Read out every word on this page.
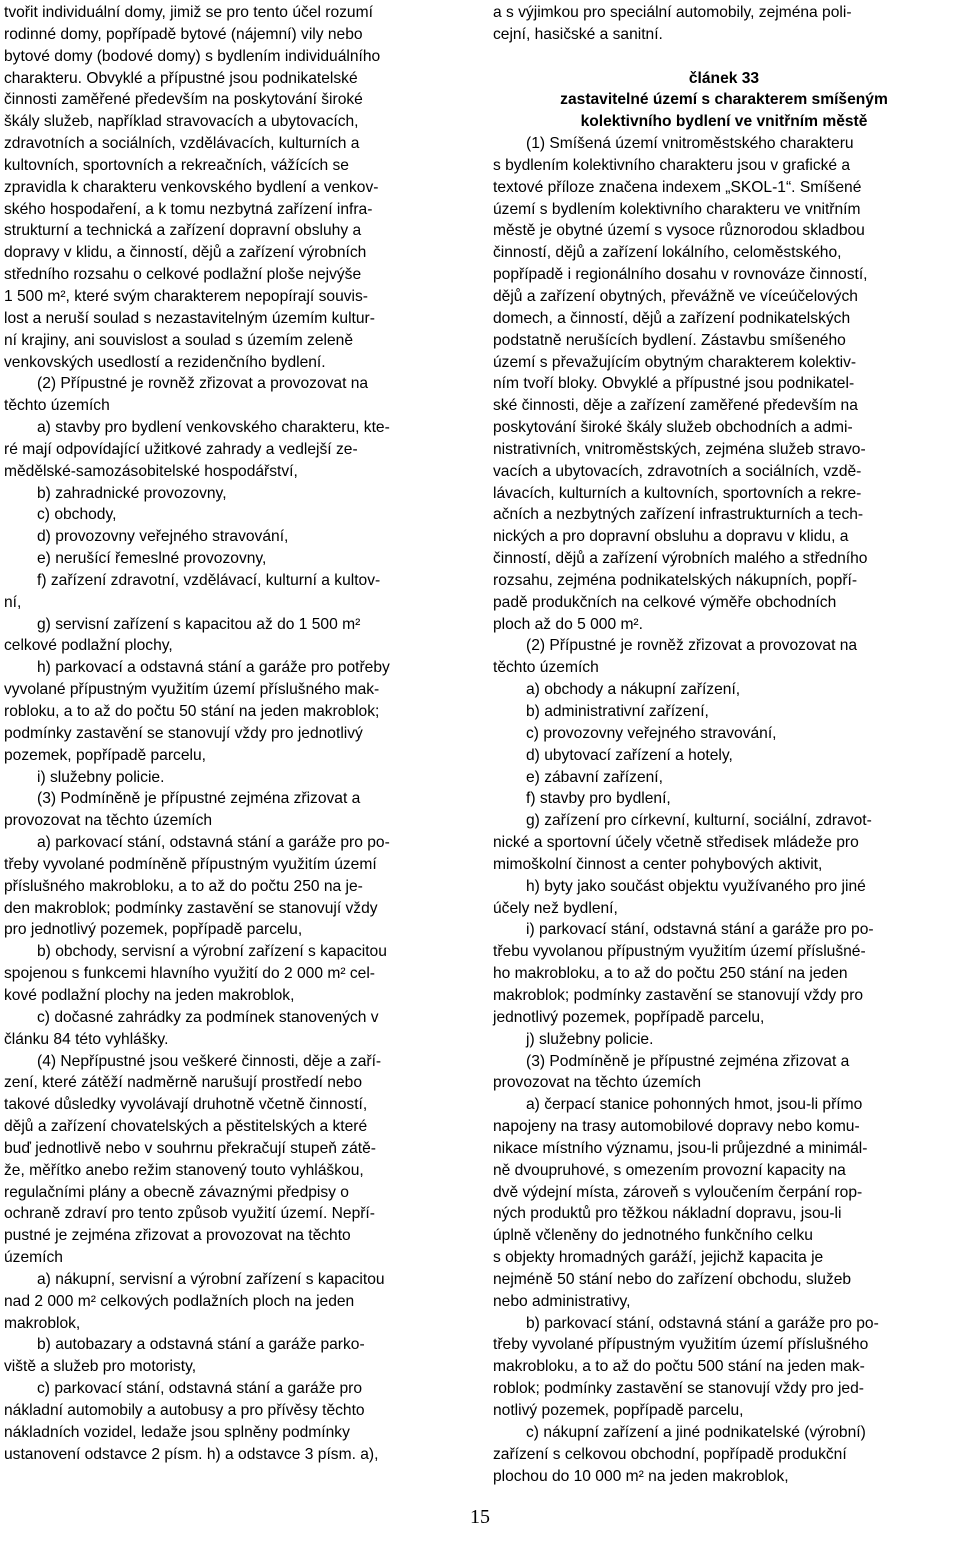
tvořit individuální domy, jimiž se pro tento účel rozumí
rodinné domy, popřípadě bytové (nájemní) vily nebo
bytové domy (bodové domy) s bydlením individuálního
charakteru. Obvyklé a přípustné jsou podnikatelské
činnosti zaměřené především na poskytování široké
škály služeb, například stravovacích a ubytovacích,
zdravotních a sociálních, vzdělávacích, kulturních a
kultovních, sportovních a rekreačních, vážících se
zpravidla k charakteru venkovského bydlení a venkov-
ského hospodaření, a k tomu nezbytná zařízení infra-
strukturní a technická a zařízení dopravní obsluhy a
dopravy v klidu, a činností, dějů a zařízení výrobních
středního rozsahu o celkové podlažní ploše nejvýše
1 500 m², které svým charakterem nepopírají souvis-
lost a neruší soulad s nezastavitelným územím kultur-
ní krajiny, ani souvislost a soulad s územím zeleně
venkovských usedlostí a rezidenčního bydlení.
(2) Přípustné je rovněž zřizovat a provozovat na
těchto územích
a) stavby pro bydlení venkovského charakteru, kte-
ré mají odpovídající užitkové zahrady a vedlejší ze-
mědělské-samozásobitelské hospodářství,
b) zahradnické provozovny,
c) obchody,
d) provozovny veřejného stravování,
e) nerušící řemeslné provozovny,
f) zařízení zdravotní, vzdělávací, kulturní a kultov-
ní,
g) servisní zařízení s kapacitou až do 1 500 m²
celkové podlažní plochy,
h) parkovací a odstavná stání a garáže pro potřeby
vyvolané přípustným využitím území příslušného mak-
robloku, a to až do počtu 50 stání na jeden makroblok;
podmínky zastavění se stanovují vždy pro jednotlivý
pozemek, popřípadě parcelu,
i) služebny policie.
(3) Podmíněně je přípustné zejména zřizovat a
provozovat na těchto územích
a) parkovací stání, odstavná stání a garáže pro po-
třeby vyvolané podmíněně přípustným využitím území
příslušného makrobloku, a to až do počtu 250 na je-
den makroblok; podmínky zastavění se stanovují vždy
pro jednotlivý pozemek, popřípadě parcelu,
b) obchody, servisní a výrobní zařízení s kapacitou
spojenou s funkcemi hlavního využití do 2 000 m² cel-
kové podlažní plochy na jeden makroblok,
c) dočasné zahrádky za podmínek stanovených v
článku 84 této vyhlášky.
(4) Nepřípustné jsou veškeré činnosti, děje a zaří-
zení, které zátěží nadměrně narušují prostředí nebo
takové důsledky vyvolávají druhotně včetně činností,
dějů a zařízení chovatelských a pěstitelských a které
buď jednotlivě nebo v souhrnu překračují stupeň zátě-
že, měřítko anebo režim stanovený touto vyhláškou,
regulačními plány a obecně závaznými předpisy o
ochraně zdraví pro tento způsob využití území. Nepří-
pustné je zejména zřizovat a provozovat na těchto
územích
a) nákupní, servisní a výrobní zařízení s kapacitou
nad 2 000 m² celkových podlažních ploch na jeden
makroblok,
b) autobazary a odstavná stání a garáže parko-
viště a služeb pro motoristy,
c) parkovací stání, odstavná stání a garáže pro
nákladní automobily a autobusy a pro přívěsy těchto
nákladních vozidel, ledaže jsou splněny podmínky
ustanovení odstavce 2 písm. h) a odstavce 3 písm. a),
a s výjimkou pro speciální automobily, zejména poli-
cejní, hasičské a sanitní.
článek 33
zastavitelné území s charakterem smíšeným
kolektivního bydlení ve vnitřním městě
(1) Smíšená území vnitroměstského charakteru
s bydlením kolektivního charakteru jsou v grafické a
textové příloze značena indexem „SKOL-1“. Smíšené
území s bydlením kolektivního charakteru ve vnitřním
městě je obytné území s vysoce různorodou skladbou
činností, dějů a zařízení lokálního, celoměstského,
popřípadě i regionálního dosahu v rovnováze činností,
dějů a zařízení obytných, převážně ve víceúčelových
domech, a činností, dějů a zařízení podnikatelských
podstatně nerušících bydlení. Zástavbu smíšeného
území s převažujícím obytným charakterem kolektiv-
ním tvoří bloky. Obvyklé a přípustné jsou podnikatel-
ské činnosti, děje a zařízení zaměřené především na
poskytování široké škály služeb obchodních a admi-
nistrativních, vnitroměstských, zejména služeb stravo-
vacích a ubytovacích, zdravotních a sociálních, vzdě-
lávacích, kulturních a kultovních, sportovních a rekre-
ačních a nezbytných zařízení infrastrukturních a tech-
nických a pro dopravní obsluhu a dopravu v klidu, a
činností, dějů a zařízení výrobních malého a středního
rozsahu, zejména podnikatelských nákupních, popří-
padě produkčních na celkové výměře obchodních
ploch až do 5 000 m².
(2) Přípustné je rovněž zřizovat a provozovat na
těchto územích
a) obchody a nákupní zařízení,
b) administrativní zařízení,
c) provozovny veřejného stravování,
d) ubytovací zařízení a hotely,
e) zábavní zařízení,
f) stavby pro bydlení,
g) zařízení pro církevní, kulturní, sociální, zdravot-
nické a sportovní účely včetně středisek mládeže pro
mimoškolní činnost a center pohybových aktivit,
h) byty jako součást objektu využívaného pro jiné
účely než bydlení,
i) parkovací stání, odstavná stání a garáže pro po-
třebu vyvolanou přípustným využitím území příslušné-
ho makrobloku, a to až do počtu 250 stání na jeden
makroblok; podmínky zastavění se stanovují vždy pro
jednotlivý pozemek, popřípadě parcelu,
j) služebny policie.
(3) Podmíněně je přípustné zejména zřizovat a
provozovat na těchto územích
a) čerpací stanice pohonných hmot, jsou-li přímo
napojeny na trasy automobilové dopravy nebo komu-
nikace místního významu, jsou-li průjezdné a minimál-
ně dvoupruhové, s omezením provozní kapacity na
dvě výdejní místa, zároveň s vyloučením čerpání rop-
ných produktů pro těžkou nákladní dopravu, jsou-li
úplně včleněny do jednotného funkčního celku
s objekty hromadných garáží, jejichž kapacita je
nejméně 50 stání nebo do zařízení obchodu, služeb
nebo administrativy,
b) parkovací stání, odstavná stání a garáže pro po-
třeby vyvolané přípustným využitím území příslušného
makrobloku, a to až do počtu 500 stání na jeden mak-
roblok; podmínky zastavění se stanovují vždy pro jed-
notlivý pozemek, popřípadě parcelu,
c) nákupní zařízení a jiné podnikatelské (výrobní)
zařízení s celkovou obchodní, popřípadě produkční
plochou do 10 000 m² na jeden makroblok,
15
